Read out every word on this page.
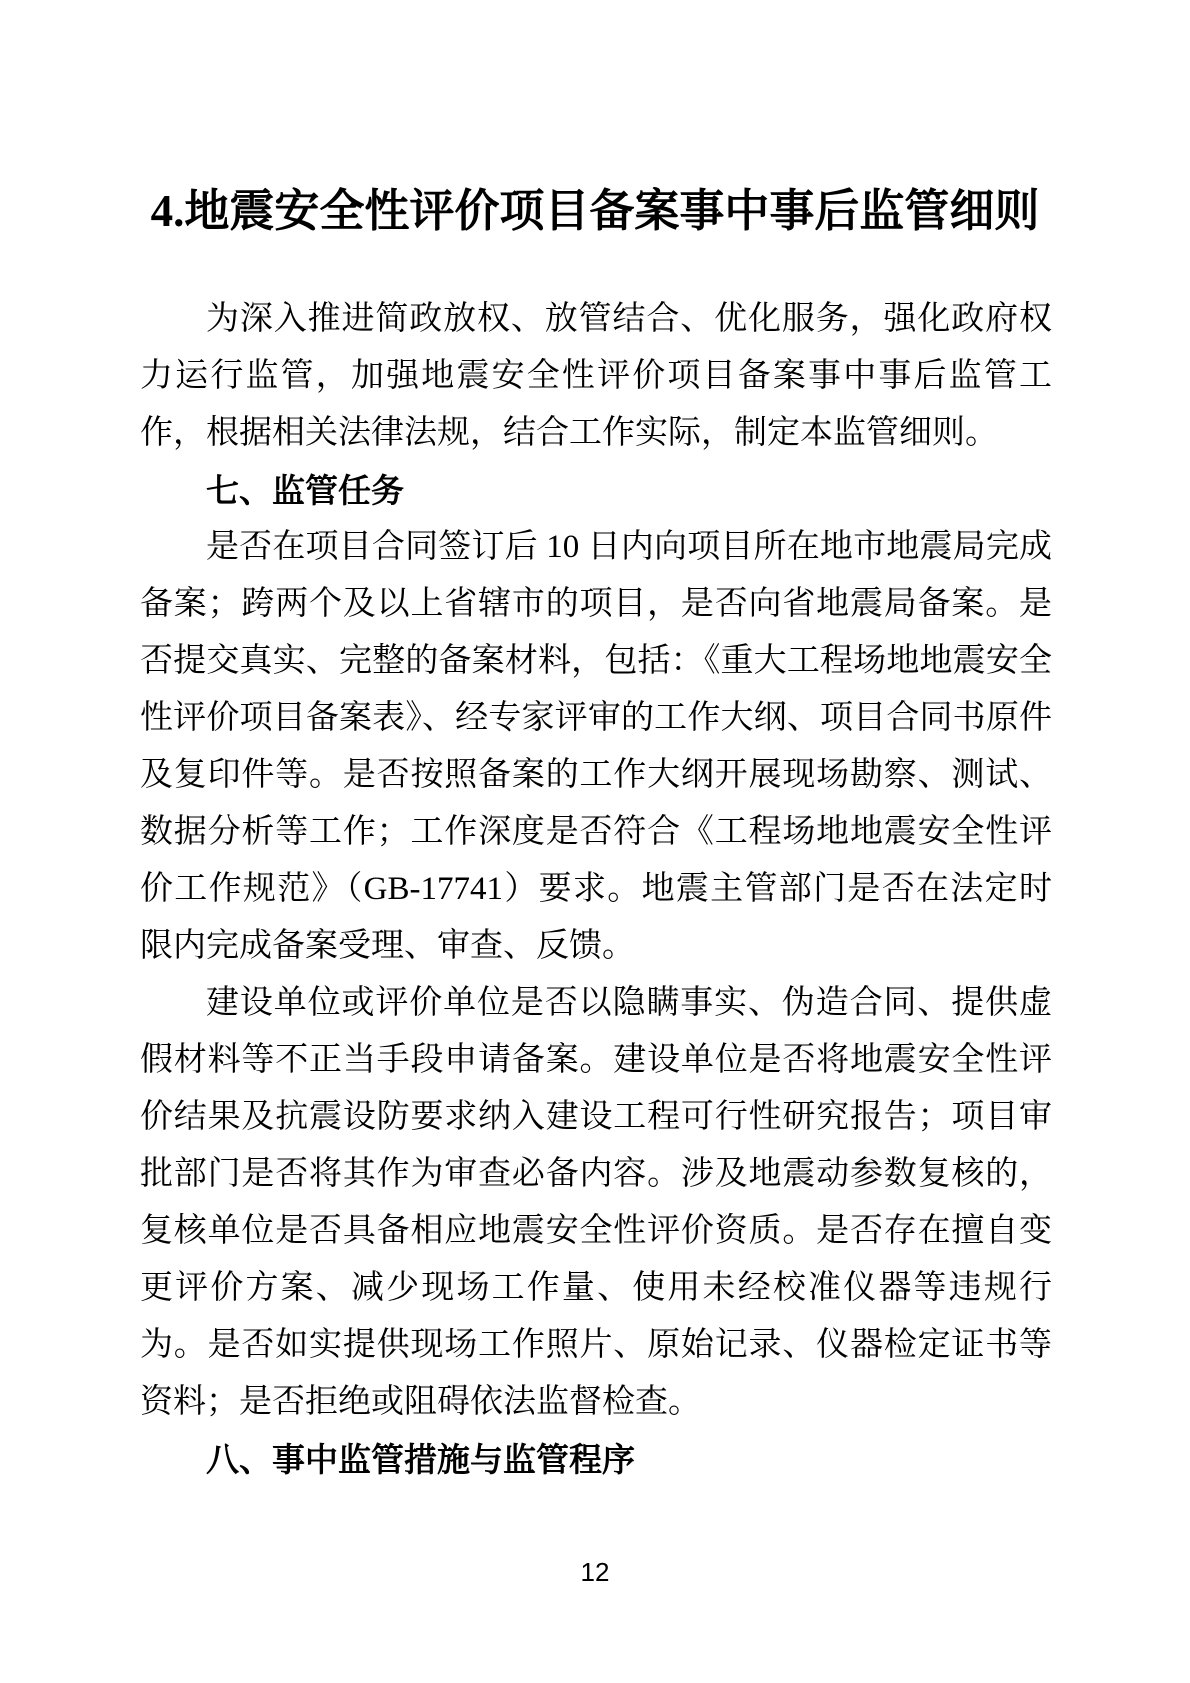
4.地震安全性评价项目备案事中事后监管细则

为深入推进简政放权、放管结合、优化服务，强化政府权力运行监管，加强地震安全性评价项目备案事中事后监管工作，根据相关法律法规，结合工作实际，制定本监管细则。

七、监管任务

是否在项目合同签订后 10 日内向项目所在地市地震局完成备案；跨两个及以上省辖市的项目，是否向省地震局备案。是否提交真实、完整的备案材料，包括：《重大工程场地地震安全性评价项目备案表》、经专家评审的工作大纲、项目合同书原件及复印件等。是否按照备案的工作大纲开展现场勘察、测试、数据分析等工作；工作深度是否符合《工程场地地震安全性评价工作规范》（GB-17741）要求。地震主管部门是否在法定时限内完成备案受理、审查、反馈。

建设单位或评价单位是否以隐瞒事实、伪造合同、提供虚假材料等不正当手段申请备案。建设单位是否将地震安全性评价结果及抗震设防要求纳入建设工程可行性研究报告；项目审批部门是否将其作为审查必备内容。涉及地震动参数复核的，复核单位是否具备相应地震安全性评价资质。是否存在擅自变更评价方案、减少现场工作量、使用未经校准仪器等违规行为。是否如实提供现场工作照片、原始记录、仪器检定证书等资料；是否拒绝或阻碍依法监督检查。

八、事中监管措施与监管程序
12
